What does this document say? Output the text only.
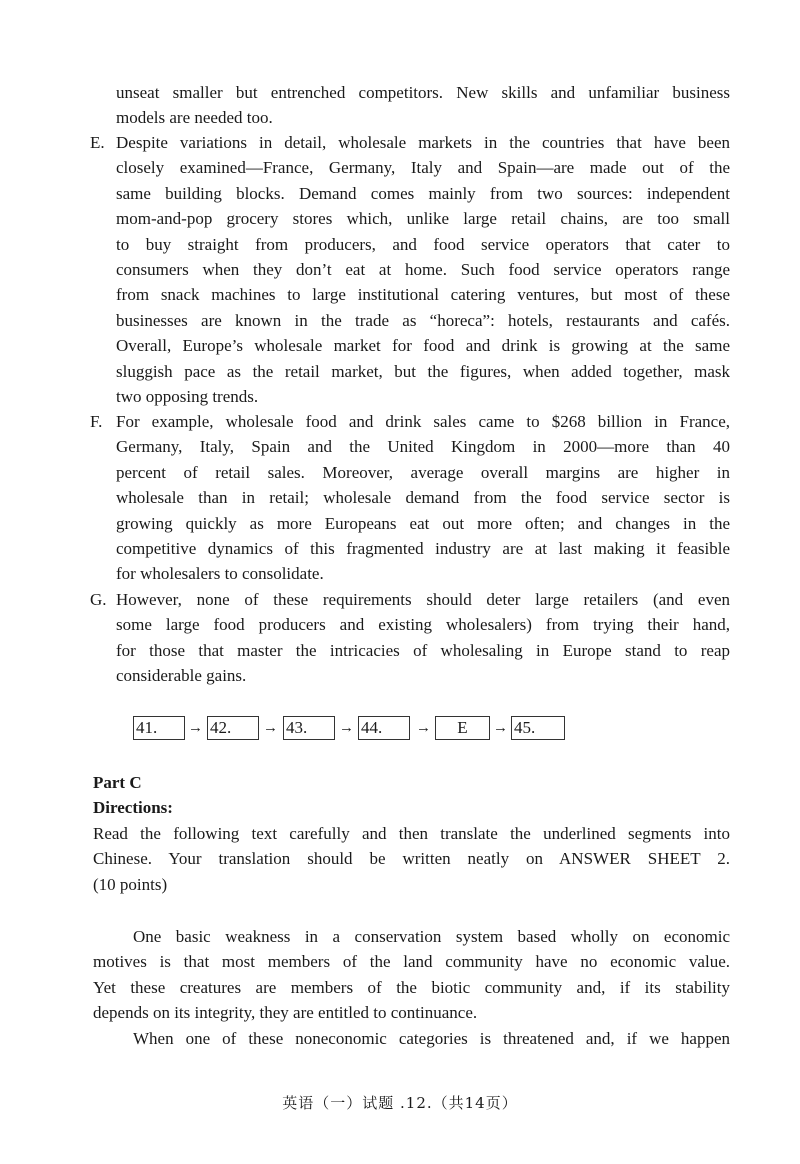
unseat smaller but entrenched competitors. New skills and unfamiliar business
models are needed too.
E. Despite variations in detail, wholesale markets in the countries that have been
closely examined—France, Germany, Italy and Spain—are made out of the
same building blocks. Demand comes mainly from two sources: independent
mom-and-pop grocery stores which, unlike large retail chains, are too small
to buy straight from producers, and food service operators that cater to
consumers when they don’t eat at home. Such food service operators range
from snack machines to large institutional catering ventures, but most of these
businesses are known in the trade as “horeca”: hotels, restaurants and cafés.
Overall, Europe’s wholesale market for food and drink is growing at the same
sluggish pace as the retail market, but the figures, when added together, mask
two opposing trends.
F. For example, wholesale food and drink sales came to $268 billion in France,
Germany, Italy, Spain and the United Kingdom in 2000—more than 40
percent of retail sales. Moreover, average overall margins are higher in
wholesale than in retail; wholesale demand from the food service sector is
growing quickly as more Europeans eat out more often; and changes in the
competitive dynamics of this fragmented industry are at last making it feasible
for wholesalers to consolidate.
G. However, none of these requirements should deter large retailers (and even
some large food producers and existing wholesalers) from trying their hand,
for those that master the intricacies of wholesaling in Europe stand to reap
considerable gains.
41.	→ 42.	→ 43.	→ 44.	→	E	→ 45.
Part C
Directions:
Read the following text carefully and then translate the underlined segments into
Chinese. Your translation should be written neatly on ANSWER SHEET 2.
(10 points)
One basic weakness in a conservation system based wholly on economic
motives is that most members of the land community have no economic value.
Yet these creatures are members of the biotic community and, if its stability
depends on its integrity, they are entitled to continuance.
When one of these noneconomic categories is threatened and, if we happen
英语（一）试题 .12.（共14页）
